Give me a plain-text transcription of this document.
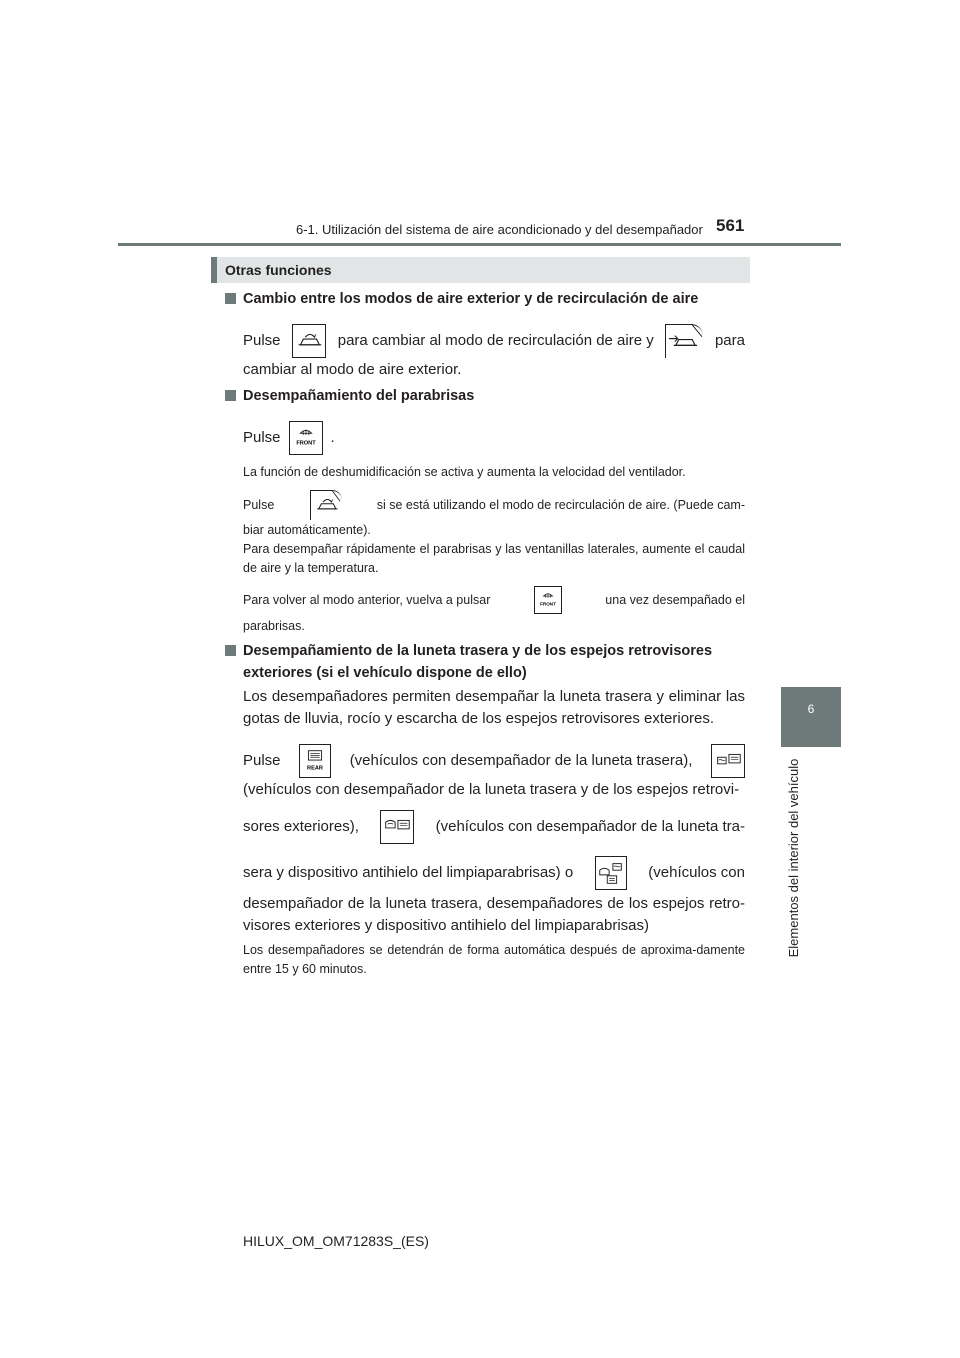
6-1. Utilización del sistema de aire acondicionado y del desempañador 561
6
Elementos del interior del vehículo
Otras funciones
Cambio entre los modos de aire exterior y de recirculación de aire
Pulse	para cambiar al modo de recirculación de aire y	para
cambiar al modo de aire exterior.
Desempañamiento del parabrisas
Pulse	FRONT .
La función de deshumidificación se activa y aumenta la velocidad del ventilador.
Pulse	si se está utilizando el modo de recirculación de aire. (Puede cam-
biar automáticamente).
Para desempañar rápidamente el parabrisas y las ventanillas laterales, aumente el caudal de aire y la temperatura.
Para volver al modo anterior, vuelva a pulsar	FRONT	una vez desempañado el
parabrisas.
Desempañamiento de la luneta trasera y de los espejos retrovisores exteriores (si el vehículo dispone de ello)
Los desempañadores permiten desempañar la luneta trasera y eliminar las gotas de lluvia, rocío y escarcha de los espejos retrovisores exteriores.
Pulse	REAR (vehículos con desempañador de la luneta trasera),
(vehículos con desempañador de la luneta trasera y de los espejos retrovi-
sores exteriores),	(vehículos con desempañador de la luneta tra-
sera y dispositivo antihielo del limpiaparabrisas) o	(vehículos con
desempañador de la luneta trasera, desempañadores de los espejos retro-visores exteriores y dispositivo antihielo del limpiaparabrisas)
Los desempañadores se detendrán de forma automática después de aproxima-damente entre 15 y 60 minutos.
HILUX_OM_OM71283S_(ES)
